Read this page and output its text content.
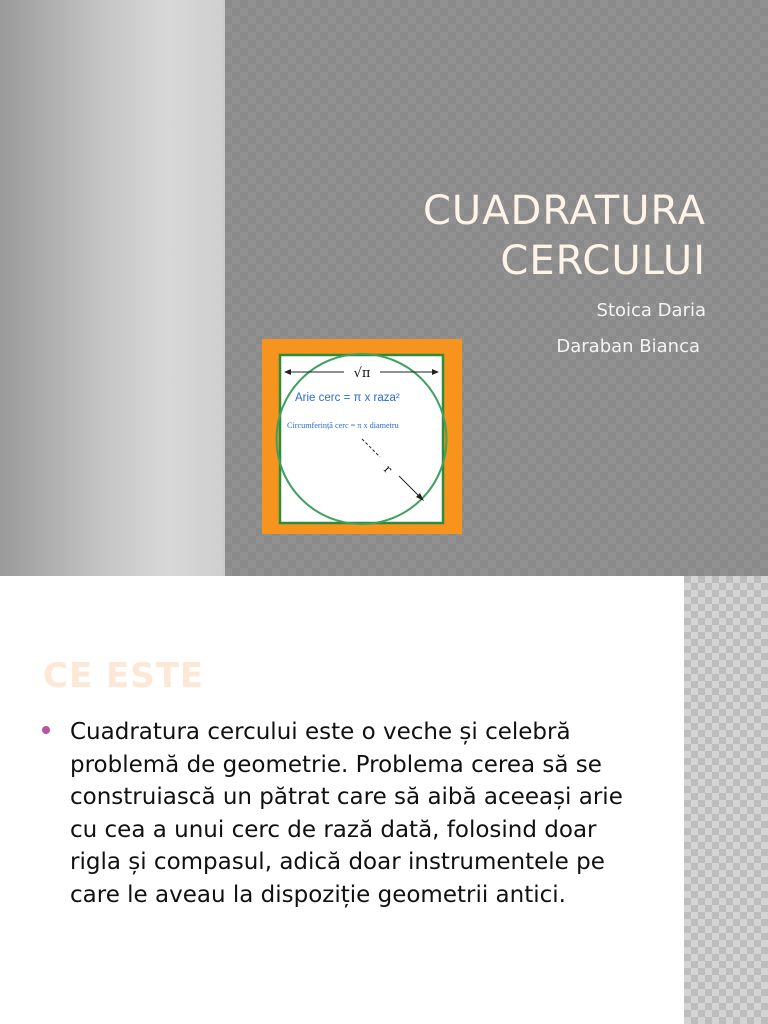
CUADRATURA
CERCULUI
Stoica Daria
Daraban Bianca
√π
Arie cerc = π x raza²
Circumferință cerc = π x diametru
r
CE ESTE
Cuadratura cercului este o veche și celebră problemă de geometrie. Problema cerea să se construiască un pătrat care să aibă aceeași arie cu cea a unui cerc de rază dată, folosind doar rigla și compasul, adică doar instrumentele pe care le aveau la dispoziție geometrii antici.
